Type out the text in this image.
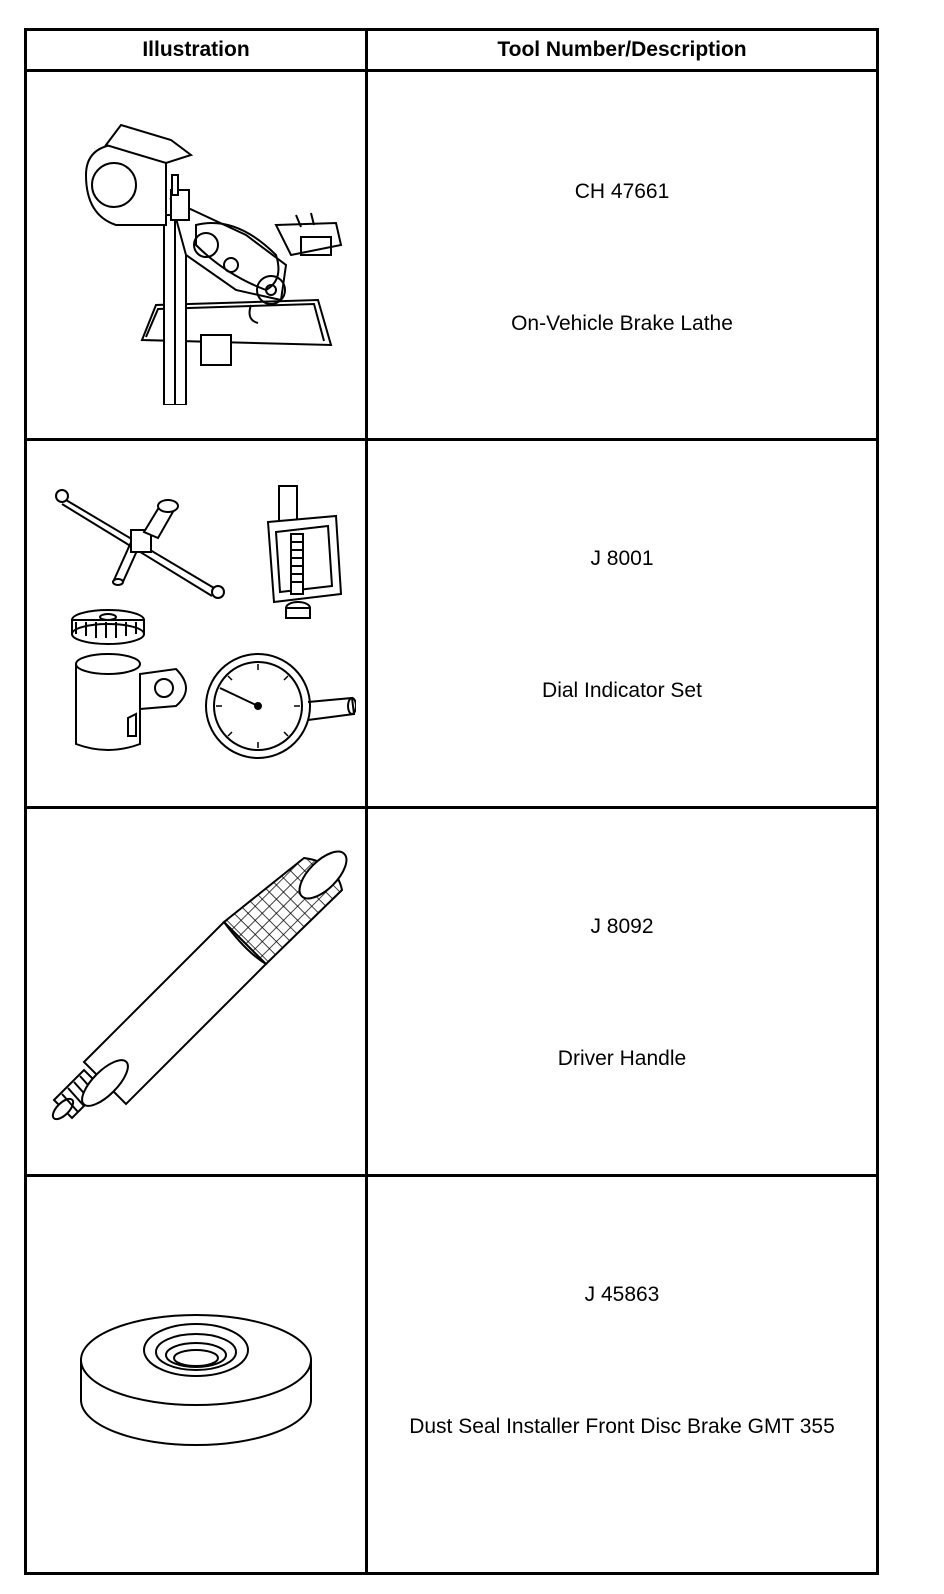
Illustration	Tool Number/Description
CH 47661
On-Vehicle Brake Lathe
J 8001
Dial Indicator Set
J 8092
Driver Handle
J 45863
Dust Seal Installer Front Disc Brake GMT 355
